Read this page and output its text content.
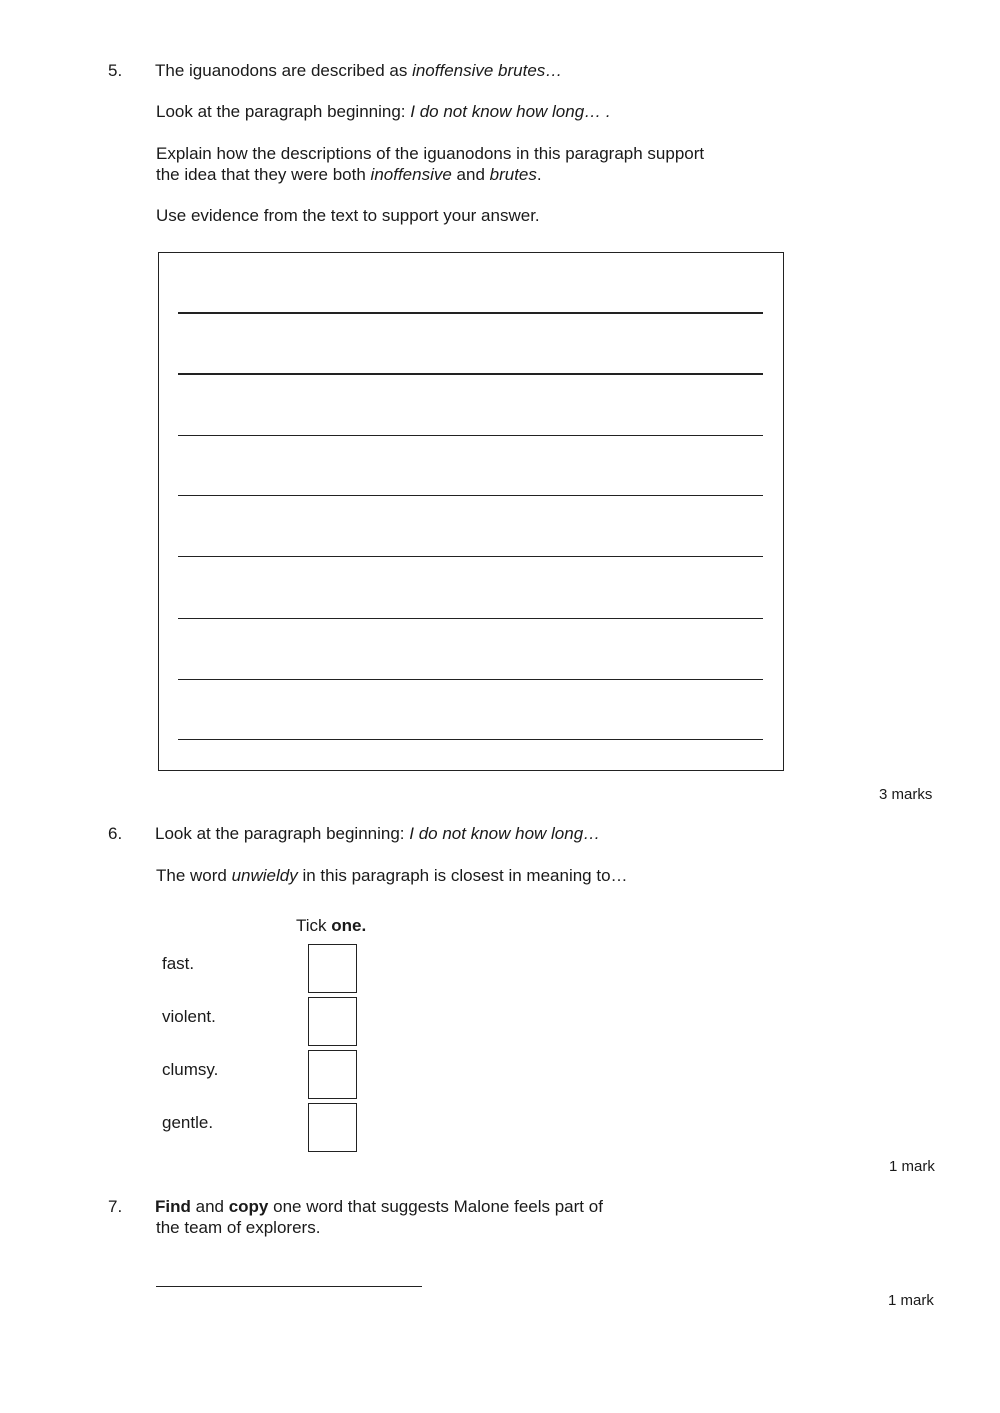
5. The iguanodons are described as inoffensive brutes…
Look at the paragraph beginning: I do not know how long… .
Explain how the descriptions of the iguanodons in this paragraph support
the idea that they were both inoffensive and brutes.
Use evidence from the text to support your answer.
3 marks
6. Look at the paragraph beginning: I do not know how long…
The word unwieldy in this paragraph is closest in meaning to…
Tick one.
fast.
violent.
clumsy.
gentle.
1 mark
7. Find and copy one word that suggests Malone feels part of
the team of explorers.
1 mark
